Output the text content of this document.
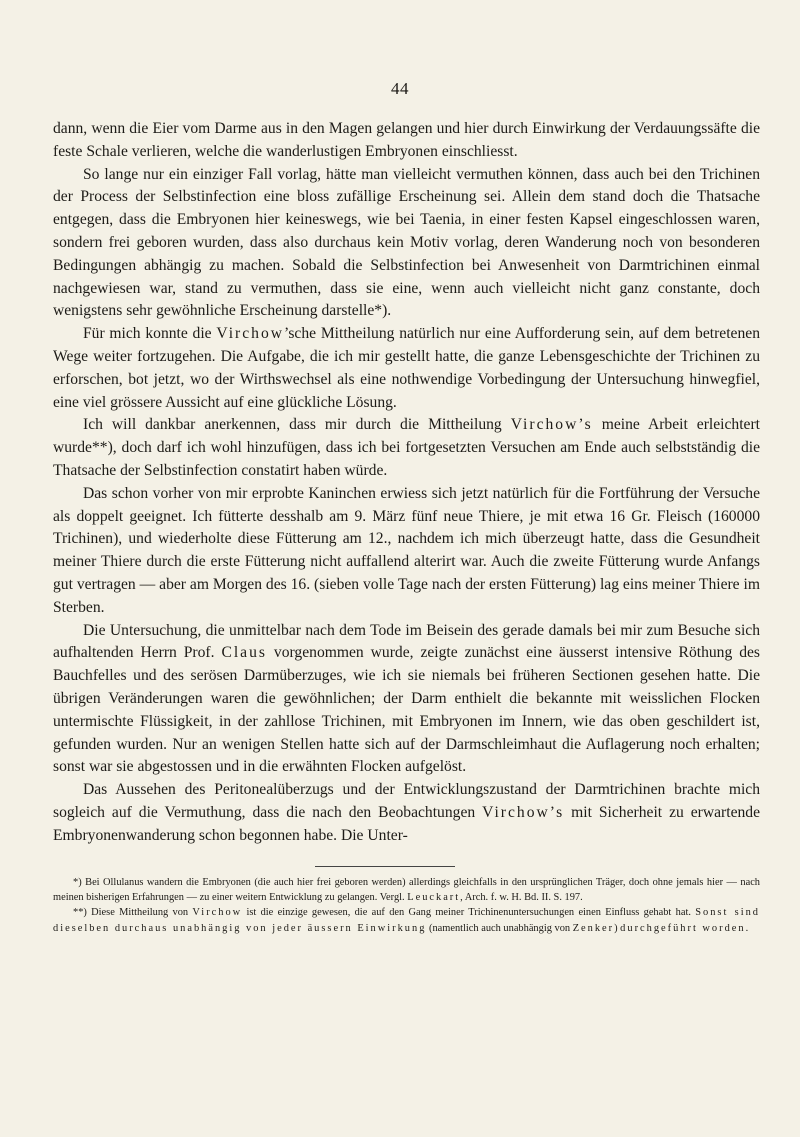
44

dann, wenn die Eier vom Darme aus in den Magen gelangen und hier durch Einwirkung der Verdauungssäfte die feste Schale verlieren, welche die wanderlustigen Embryonen einschliesst.

So lange nur ein einziger Fall vorlag, hätte man vielleicht vermuthen können, dass auch bei den Trichinen der Process der Selbstinfection eine bloss zufällige Erscheinung sei. Allein dem stand doch die Thatsache entgegen, dass die Embryonen hier keineswegs, wie bei Taenia, in einer festen Kapsel eingeschlossen waren, sondern frei geboren wurden, dass also durchaus kein Motiv vorlag, deren Wanderung noch von besonderen Bedingungen abhängig zu machen. Sobald die Selbstinfection bei Anwesenheit von Darmtrichinen einmal nachgewiesen war, stand zu vermuthen, dass sie eine, wenn auch vielleicht nicht ganz constante, doch wenigstens sehr gewöhnliche Erscheinung darstelle*).

Für mich konnte die Virchow’sche Mittheilung natürlich nur eine Aufforderung sein, auf dem betretenen Wege weiter fortzugehen. Die Aufgabe, die ich mir gestellt hatte, die ganze Lebensgeschichte der Trichinen zu erforschen, bot jetzt, wo der Wirthswechsel als eine nothwendige Vorbedingung der Untersuchung hinwegfiel, eine viel grössere Aussicht auf eine glückliche Lösung.

Ich will dankbar anerkennen, dass mir durch die Mittheilung Virchow’s meine Arbeit erleichtert wurde**), doch darf ich wohl hinzufügen, dass ich bei fortgesetzten Versuchen am Ende auch selbstständig die Thatsache der Selbstinfection constatirt haben würde.

Das schon vorher von mir erprobte Kaninchen erwiess sich jetzt natürlich für die Fortführung der Versuche als doppelt geeignet. Ich fütterte desshalb am 9. März fünf neue Thiere, je mit etwa 16 Gr. Fleisch (160000 Trichinen), und wiederholte diese Fütterung am 12., nachdem ich mich überzeugt hatte, dass die Gesundheit meiner Thiere durch die erste Fütterung nicht auffallend alterirt war. Auch die zweite Fütterung wurde Anfangs gut vertragen — aber am Morgen des 16. (sieben volle Tage nach der ersten Fütterung) lag eins meiner Thiere im Sterben.

Die Untersuchung, die unmittelbar nach dem Tode im Beisein des gerade damals bei mir zum Besuche sich aufhaltenden Herrn Prof. Claus vorgenommen wurde, zeigte zunächst eine äusserst intensive Röthung des Bauchfelles und des serösen Darmüberzuges, wie ich sie niemals bei früheren Sectionen gesehen hatte. Die übrigen Veränderungen waren die gewöhnlichen; der Darm enthielt die bekannte mit weisslichen Flocken untermischte Flüssigkeit, in der zahllose Trichinen, mit Embryonen im Innern, wie das oben geschildert ist, gefunden wurden. Nur an wenigen Stellen hatte sich auf der Darmschleimhaut die Auflagerung noch erhalten; sonst war sie abgestossen und in die erwähnten Flocken aufgelöst.

Das Aussehen des Peritonealüberzugs und der Entwicklungszustand der Darmtrichinen brachte mich sogleich auf die Vermuthung, dass die nach den Beobachtungen Virchow’s mit Sicherheit zu erwartende Embryonenwanderung schon begonnen habe. Die Unter-

*) Bei Ollulanus wandern die Embryonen (die auch hier frei geboren werden) allerdings gleichfalls in den ursprünglichen Träger, doch ohne jemals hier — nach meinen bisherigen Erfahrungen — zu einer weitern Entwicklung zu gelangen. Vergl. Leuckart, Arch. f. w. H. Bd. II. S. 197.

**) Diese Mittheilung von Virchow ist die einzige gewesen, die auf den Gang meiner Trichinenuntersuchungen einen Einfluss gehabt hat. Sonst sind dieselben durchaus unabhängig von jeder äussern Einwirkung (namentlich auch unabhängig von Zenker) durchgeführt worden.
